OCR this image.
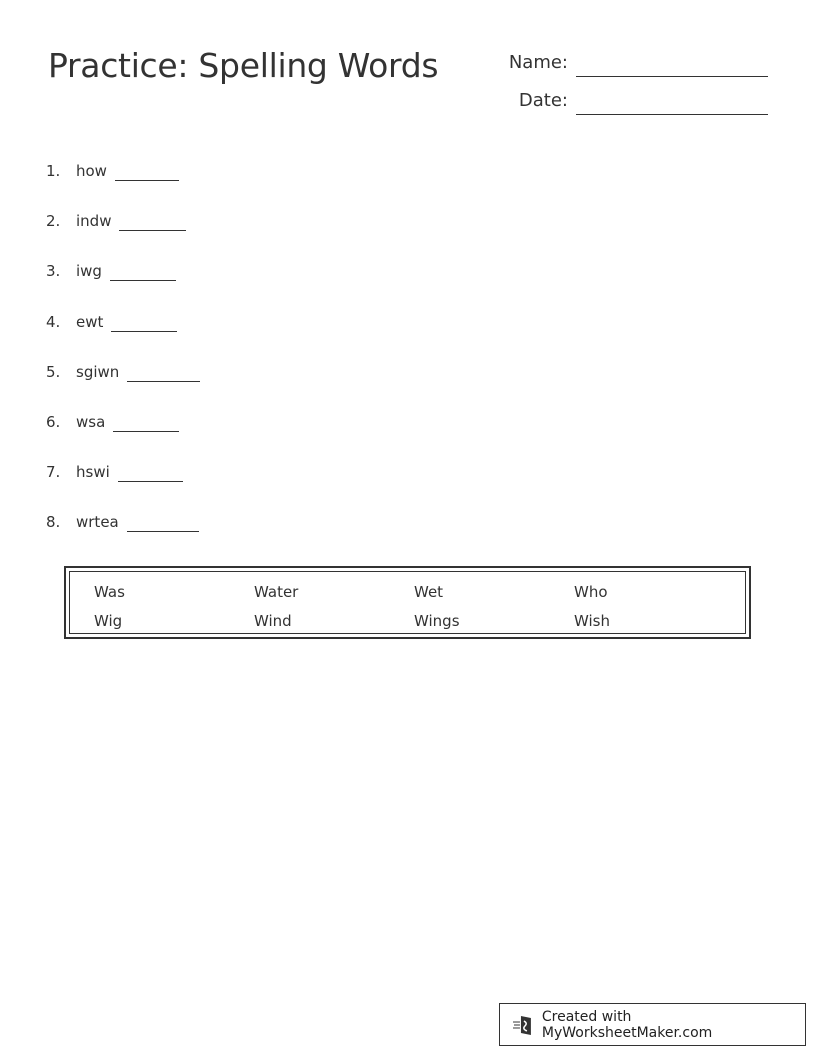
Practice: Spelling Words	Name:
Date:
1.	how
2.	indw
3.	iwg
4.	ewt
5.	sgiwn
6.	wsa
7.	hswi
8.	wrtea
Was	Water	Wet	Who
Wig	Wind	Wings	Wish
Created with MyWorksheetMaker.com
